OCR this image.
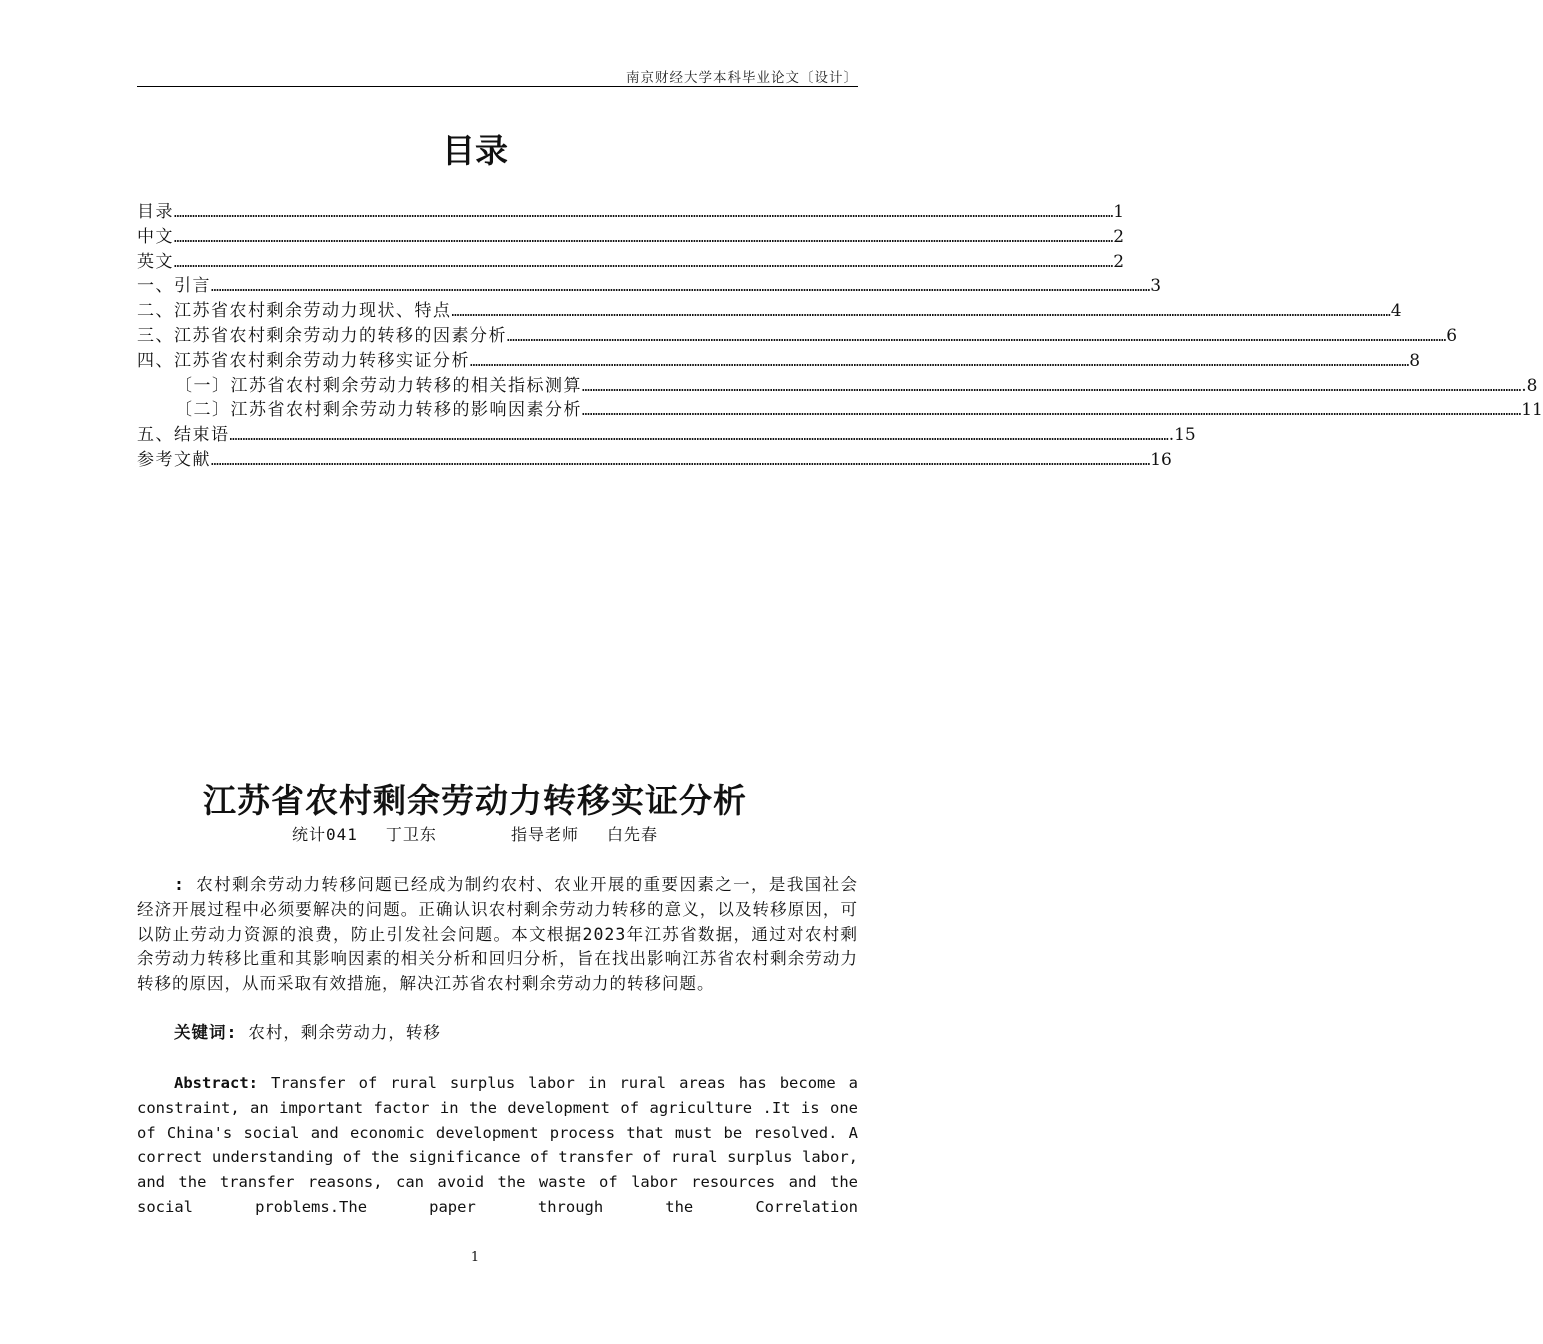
南京财经大学本科毕业论文〔设计〕
目录
目录 ……………………………………………………………………………………………………………………………………………………………………………………………………………………………………………………………………………………………………………………………… 1
中文 ……………………………………………………………………………………………………………………………………………………………………………………………………………………………………………………………………………………………………………………………… 2
英文 ……………………………………………………………………………………………………………………………………………………………………………………………………………………………………………………………………………………………………………………………… 2
一、引言 ……………………………………………………………………………………………………………………………………………………………………………………………………………………………………………………………………………………………………………………………… 3
二、江苏省农村剩余劳动力现状、特点 ……………………………………………………………………………………………………………………………………………………………………………………………………………………………………………………………………………………………………………………………… 4
三、江苏省农村剩余劳动力的转移的因素分析 ……………………………………………………………………………………………………………………………………………………………………………………………………………………………………………………………………………………………………………………………… 6
四、江苏省农村剩余劳动力转移实证分析 ……………………………………………………………………………………………………………………………………………………………………………………………………………………………………………………………………………………………………………………………… 8
〔一〕江苏省农村剩余劳动力转移的相关指标测算 ……………………………………………………………………………………………………………………………………………………………………………………………………………………………………………………………………………………………………………………………… .8
〔二〕江苏省农村剩余劳动力转移的影响因素分析 ……………………………………………………………………………………………………………………………………………………………………………………………………………………………………………………………………………………………………………………………… 11
五、结束语 ……………………………………………………………………………………………………………………………………………………………………………………………………………………………………………………………………………………………………………………………… .15
参考文献 ……………………………………………………………………………………………………………………………………………………………………………………………………………………………………………………………………………………………………………………………… 16
江苏省农村剩余劳动力转移实证分析
统计041 丁卫东	指导老师 白先春
: 农村剩余劳动力转移问题已经成为制约农村、农业开展的重要因素之一，是我国社会经济开展过程中必须要解决的问题。正确认识农村剩余劳动力转移的意义，以及转移原因，可以防止劳动力资源的浪费，防止引发社会问题。本文根据2023年江苏省数据，通过对农村剩余劳动力转移比重和其影响因素的相关分析和回归分析，旨在找出影响江苏省农村剩余劳动力转移的原因，从而采取有效措施，解决江苏省农村剩余劳动力的转移问题。
关键词: 农村，剩余劳动力，转移
Abstract: Transfer of rural surplus labor in rural areas has become a constraint, an important factor in the development of agriculture .It is one of China's social and economic development process that must be resolved. A correct understanding of the significance of transfer of rural surplus labor, and the transfer reasons, can avoid the waste of labor resources and the social problems.The paper through the Correlation
1
